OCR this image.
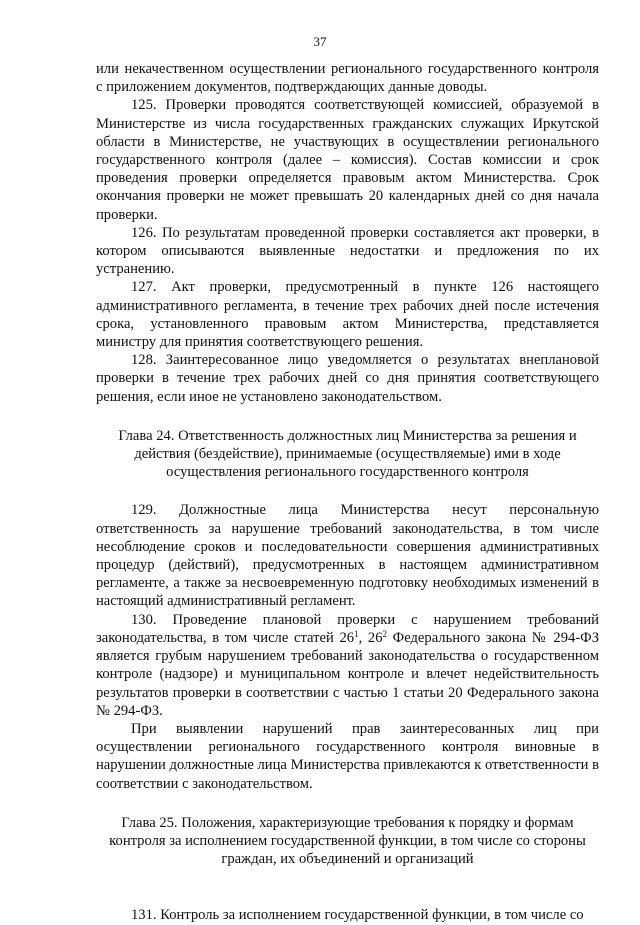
37

или некачественном осуществлении регионального государственного контроля с приложением документов, подтверждающих данные доводы.

125. Проверки проводятся соответствующей комиссией, образуемой в Министерстве из числа государственных гражданских служащих Иркутской области в Министерстве, не участвующих в осуществлении регионального государственного контроля (далее – комиссия). Состав комиссии и срок проведения проверки определяется правовым актом Министерства. Срок окончания проверки не может превышать 20 календарных дней со дня начала проверки.

126. По результатам проведенной проверки составляется акт проверки, в котором описываются выявленные недостатки и предложения по их устранению.

127. Акт проверки, предусмотренный в пункте 126 настоящего административного регламента, в течение трех рабочих дней после истечения срока, установленного правовым актом Министерства, представляется министру для принятия соответствующего решения.

128. Заинтересованное лицо уведомляется о результатах внеплановой проверки в течение трех рабочих дней со дня принятия соответствующего решения, если иное не установлено законодательством.

Глава 24. Ответственность должностных лиц Министерства за решения и действия (бездействие), принимаемые (осуществляемые) ими в ходе осуществления регионального государственного контроля

129. Должностные лица Министерства несут персональную ответственность за нарушение требований законодательства, в том числе несоблюдение сроков и последовательности совершения административных процедур (действий), предусмотренных в настоящем административном регламенте, а также за несвоевременную подготовку необходимых изменений в настоящий административный регламент.

130. Проведение плановой проверки с нарушением требований законодательства, в том числе статей $26^1$, $26^2$ Федерального закона № 294-ФЗ является грубым нарушением требований законодательства о государственном контроле (надзоре) и муниципальном контроле и влечет недействительность результатов проверки в соответствии с частью 1 статьи 20 Федерального закона № 294-ФЗ.

При выявлении нарушений прав заинтересованных лиц при осуществлении регионального государственного контроля виновные в нарушении должностные лица Министерства привлекаются к ответственности в соответствии с законодательством.

Глава 25. Положения, характеризующие требования к порядку и формам контроля за исполнением государственной функции, в том числе со стороны граждан, их объединений и организаций

131. Контроль за исполнением государственной функции, в том числе со
